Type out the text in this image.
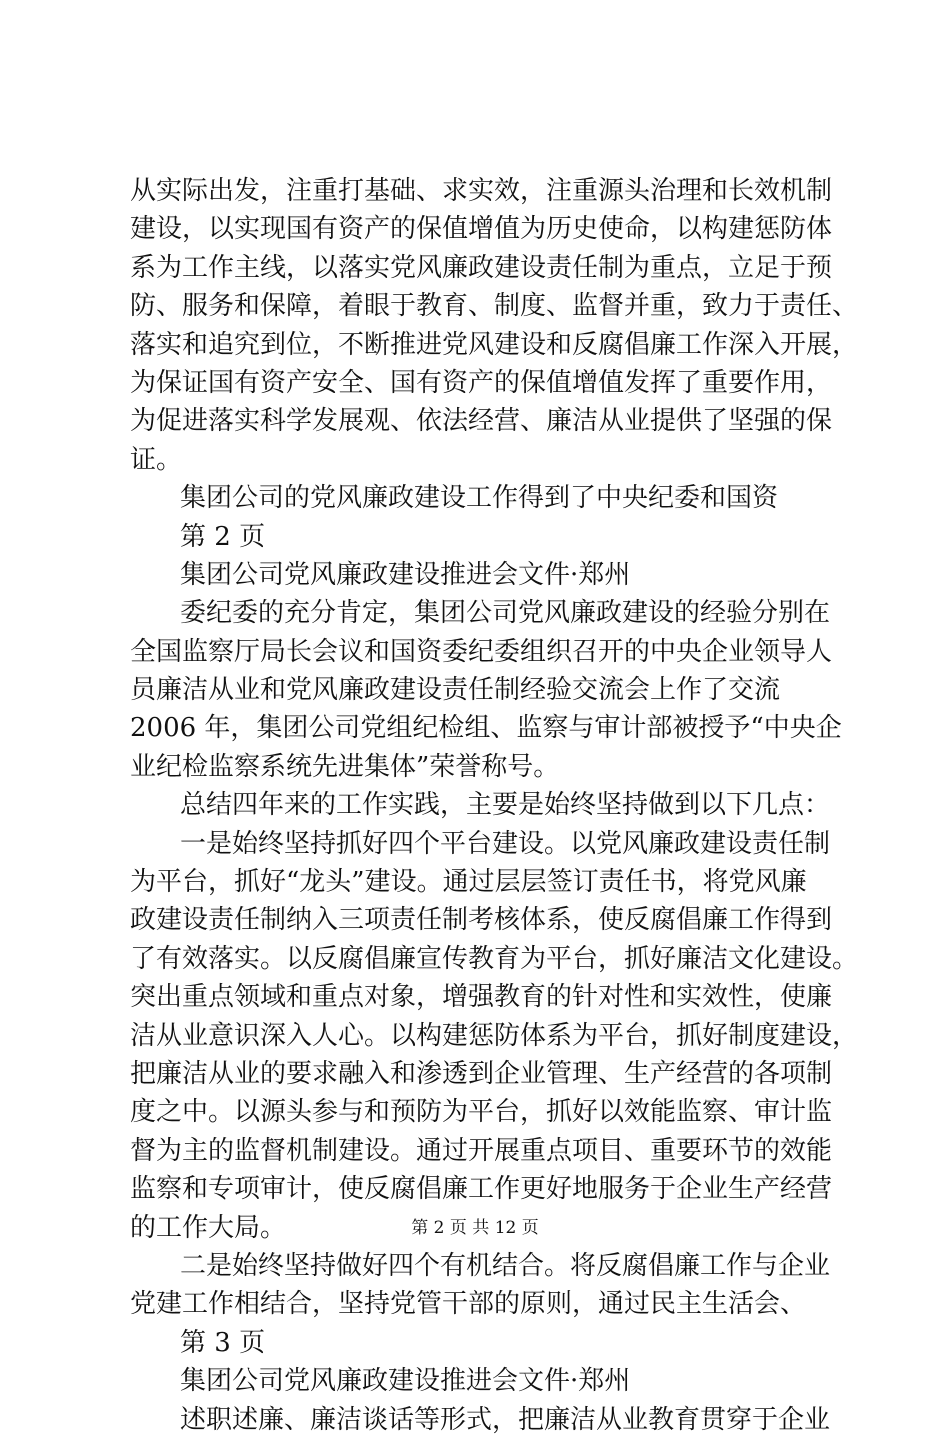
从实际出发，注重打基础、求实效，注重源头治理和长效机制
建设，以实现国有资产的保值增值为历史使命，以构建惩防体
系为工作主线，以落实党风廉政建设责任制为重点，立足于预
防、服务和保障，着眼于教育、制度、监督并重，致力于责任、
落实和追究到位，不断推进党风建设和反腐倡廉工作深入开展，
为保证国有资产安全、国有资产的保值增值发挥了重要作用，
为促进落实科学发展观、依法经营、廉洁从业提供了坚强的保
证。
集团公司的党风廉政建设工作得到了中央纪委和国资
第 2 页
集团公司党风廉政建设推进会文件·郑州
委纪委的充分肯定，集团公司党风廉政建设的经验分别在
全国监察厅局长会议和国资委纪委组织召开的中央企业领导人
员廉洁从业和党风廉政建设责任制经验交流会上作了交流
2006 年，集团公司党组纪检组、监察与审计部被授予“中央企
业纪检监察系统先进集体”荣誉称号。
总结四年来的工作实践，主要是始终坚持做到以下几点：
一是始终坚持抓好四个平台建设。以党风廉政建设责任制
为平台，抓好“龙头”建设。通过层层签订责任书，将党风廉
政建设责任制纳入三项责任制考核体系，使反腐倡廉工作得到
了有效落实。以反腐倡廉宣传教育为平台，抓好廉洁文化建设。
突出重点领域和重点对象，增强教育的针对性和实效性，使廉
洁从业意识深入人心。以构建惩防体系为平台，抓好制度建设，
把廉洁从业的要求融入和渗透到企业管理、生产经营的各项制
度之中。以源头参与和预防为平台，抓好以效能监察、审计监
督为主的监督机制建设。通过开展重点项目、重要环节的效能
监察和专项审计，使反腐倡廉工作更好地服务于企业生产经营
的工作大局。
二是始终坚持做好四个有机结合。将反腐倡廉工作与企业
党建工作相结合，坚持党管干部的原则，通过民主生活会、
第 3 页
集团公司党风廉政建设推进会文件·郑州
述职述廉、廉洁谈话等形式，把廉洁从业教育贯穿于企业
第 2 页 共 12 页
